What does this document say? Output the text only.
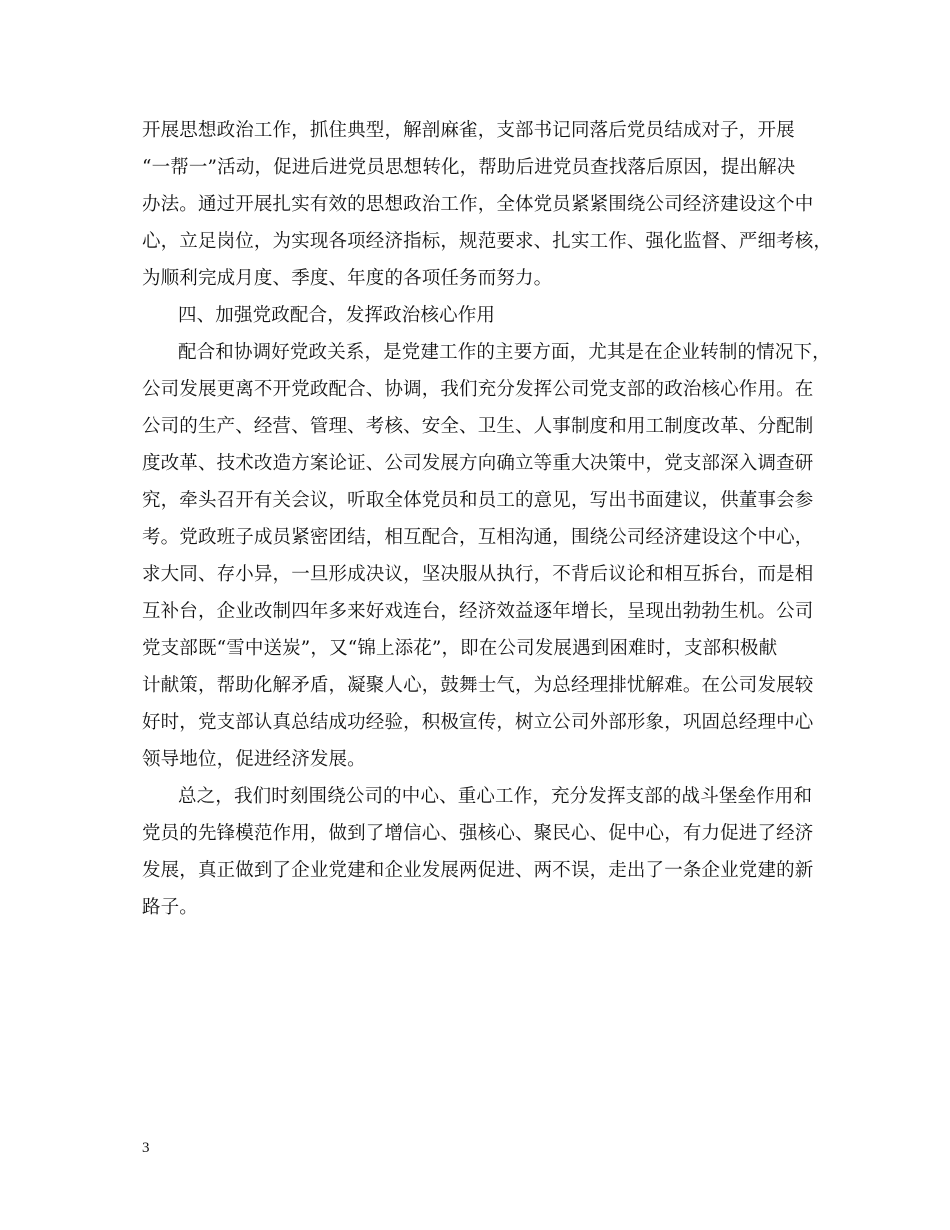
开展思想政治工作，抓住典型，解剖麻雀，支部书记同落后党员结成对子，开展
“一帮一”活动，促进后进党员思想转化，帮助后进党员查找落后原因，提出解决
办法。通过开展扎实有效的思想政治工作，全体党员紧紧围绕公司经济建设这个中
心，立足岗位，为实现各项经济指标，规范要求、扎实工作、强化监督、严细考核，
为顺利完成月度、季度、年度的各项任务而努力。
四、加强党政配合，发挥政治核心作用
配合和协调好党政关系，是党建工作的主要方面，尤其是在企业转制的情况下，
公司发展更离不开党政配合、协调，我们充分发挥公司党支部的政治核心作用。在
公司的生产、经营、管理、考核、安全、卫生、人事制度和用工制度改革、分配制
度改革、技术改造方案论证、公司发展方向确立等重大决策中，党支部深入调查研
究，牵头召开有关会议，听取全体党员和员工的意见，写出书面建议，供董事会参
考。党政班子成员紧密团结，相互配合，互相沟通，围绕公司经济建设这个中心，
求大同、存小异，一旦形成决议，坚决服从执行，不背后议论和相互拆台，而是相
互补台，企业改制四年多来好戏连台，经济效益逐年增长，呈现出勃勃生机。公司
党支部既“雪中送炭”，又“锦上添花”，即在公司发展遇到困难时，支部积极献
计献策，帮助化解矛盾，凝聚人心，鼓舞士气，为总经理排忧解难。在公司发展较
好时，党支部认真总结成功经验，积极宣传，树立公司外部形象，巩固总经理中心
领导地位，促进经济发展。
总之，我们时刻围绕公司的中心、重心工作，充分发挥支部的战斗堡垒作用和
党员的先锋模范作用，做到了增信心、强核心、聚民心、促中心，有力促进了经济
发展，真正做到了企业党建和企业发展两促进、两不误，走出了一条企业党建的新
路子。
3
